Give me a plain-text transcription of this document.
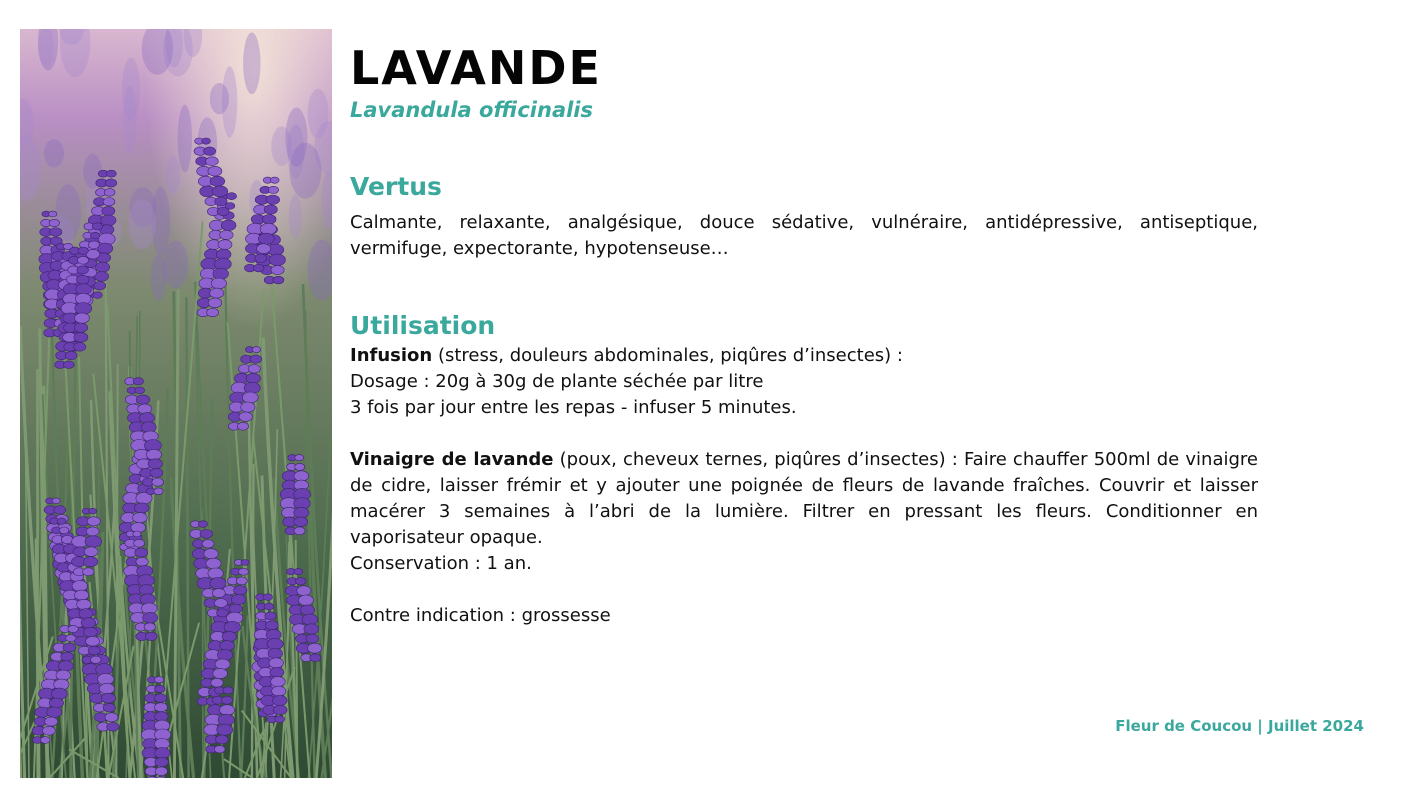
LAVANDE

Lavandula officinalis

Vertus

Calmante, relaxante, analgésique, douce sédative, vulnéraire, antidépressive, antiseptique, vermifuge, expectorante, hypotenseuse…

Utilisation

Infusion (stress, douleurs abdominales, piqûres d’insectes) :

Dosage : 20g à 30g de plante séchée par litre

3 fois par jour entre les repas - infuser 5 minutes.

Vinaigre de lavande (poux, cheveux ternes, piqûres d’insectes) : Faire chauffer 500ml de vinaigre de cidre, laisser frémir et y ajouter une poignée de fleurs de lavande fraîches. Couvrir et laisser macérer 3 semaines à l’abri de la lumière. Filtrer en pressant les fleurs. Conditionner en vaporisateur opaque.

Conservation : 1 an.

Contre indication : grossesse

Fleur de Coucou | Juillet 2024
